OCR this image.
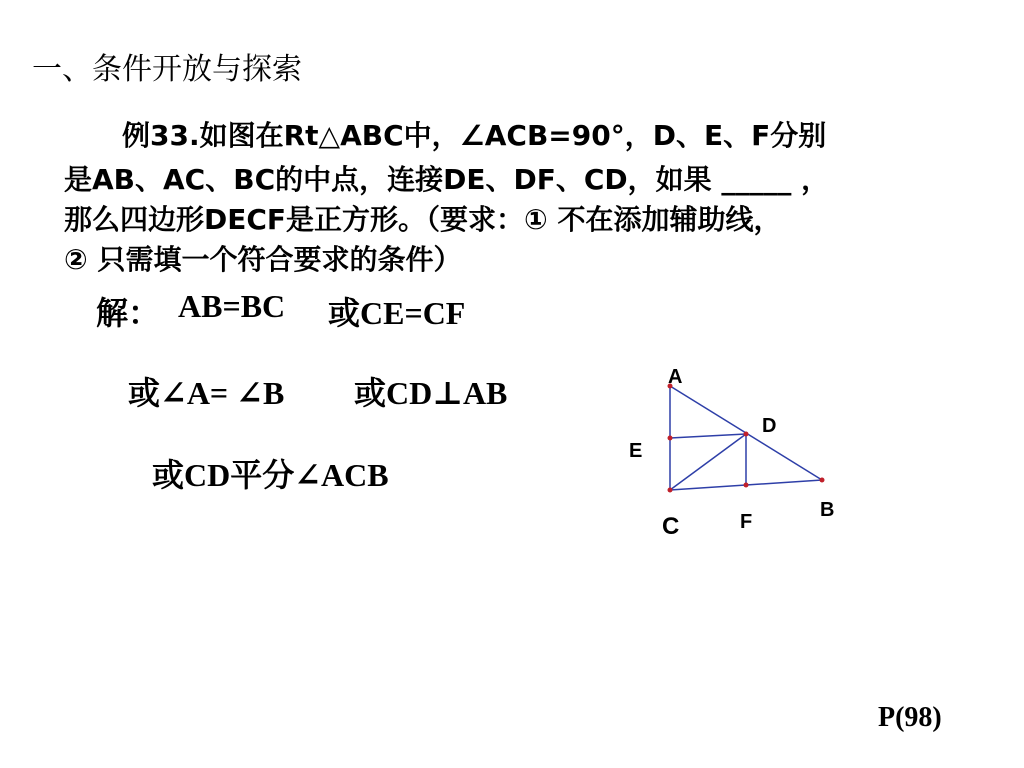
一、条件开放与探索
例33.如图在Rt△ABC中，∠ACB=90°，D、E、F分别
是AB、AC、BC的中点，连接DE、DF、CD，如果 _____ ，
那么四边形DECF是正方形。（要求：① 不在添加辅助线，
② 只需填一个符合要求的条件）
解： AB=BC 或CE=CF
或∠A= ∠B 或CD⊥AB
或CD平分∠ACB
A
D
E
B
F
C
P(98)
